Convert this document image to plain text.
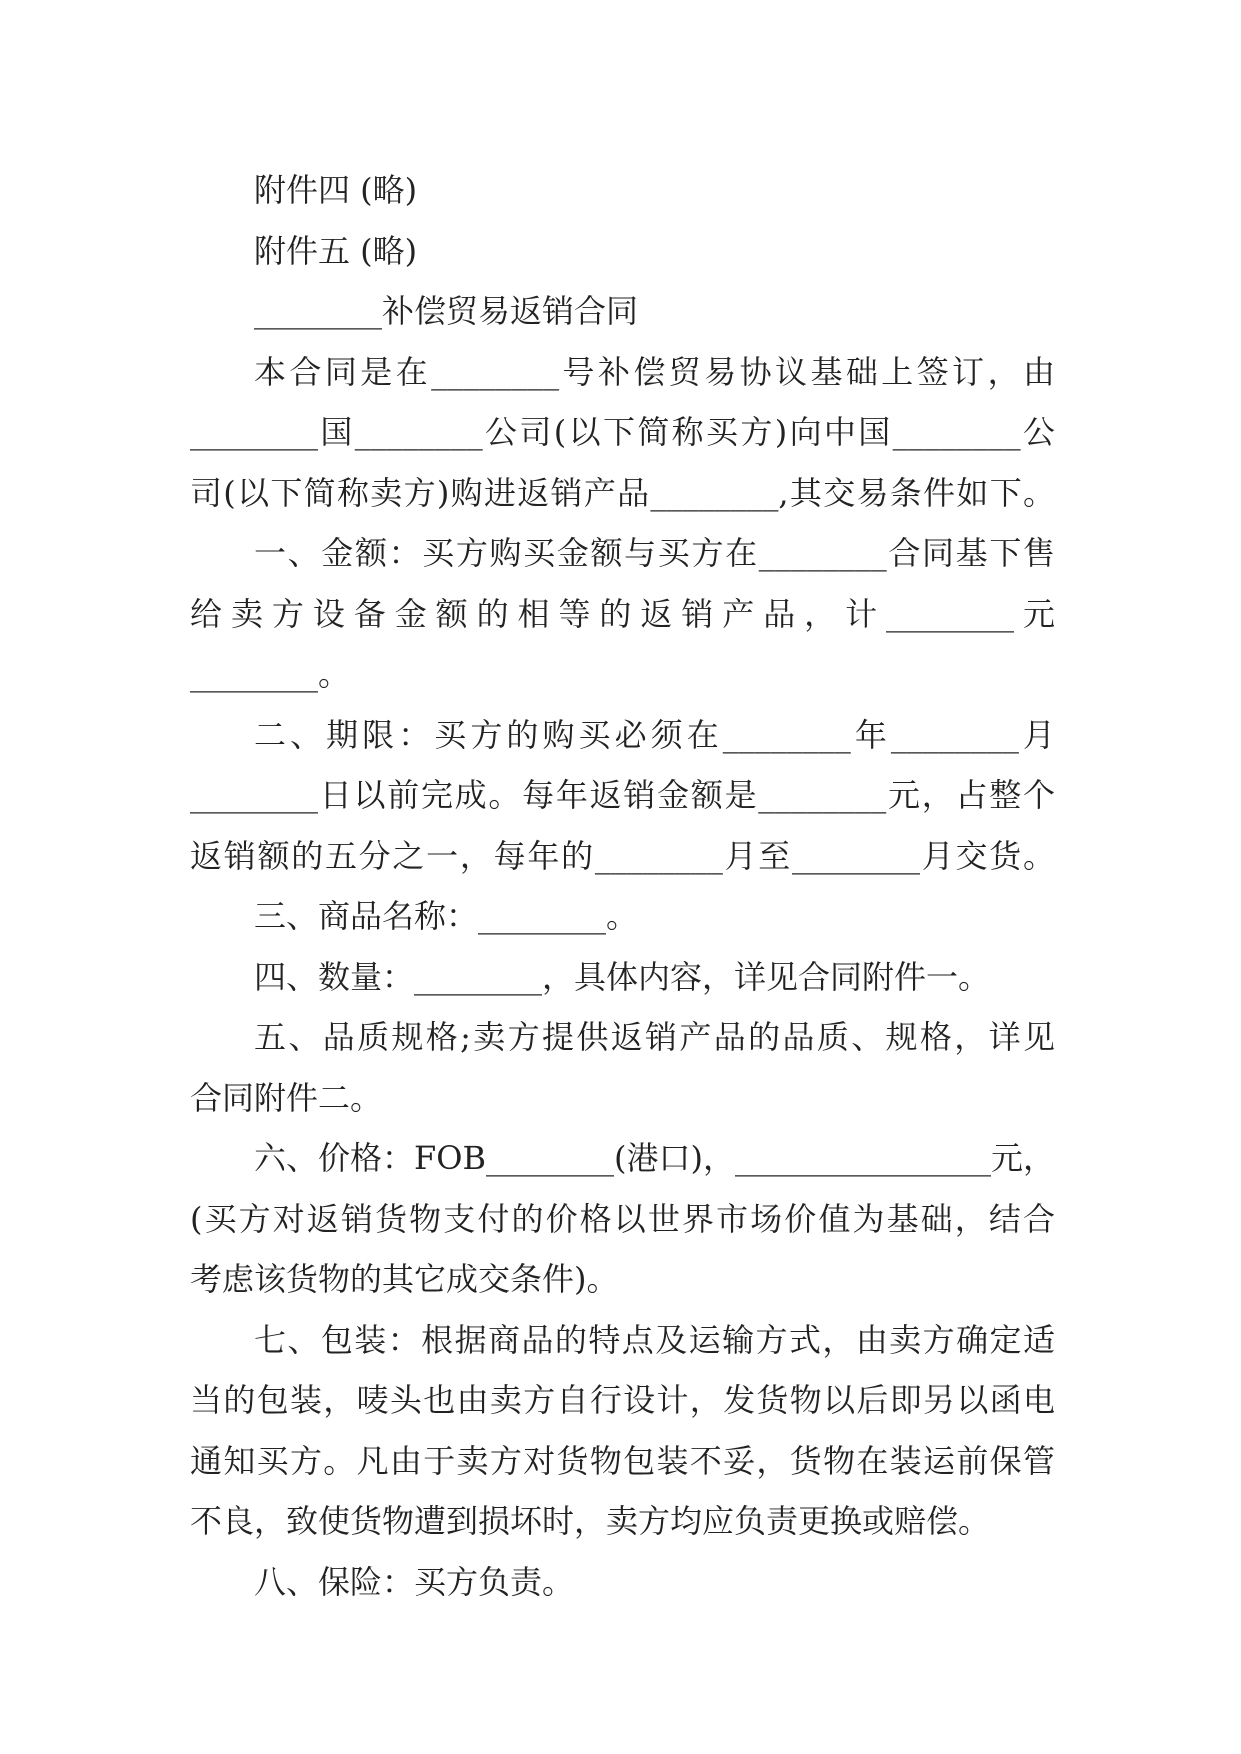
附件四 (略)
附件五 (略)
________补偿贸易返销合同
本合同是在________号补偿贸易协议基础上签订，由
________国________公司(以下简称买方)向中国________公
司(以下简称卖方)购进返销产品________,其交易条件如下。
一、金额：买方购买金额与买方在________合同基下售
给卖方设备金额的相等的返销产品，计________元
________。
二、期限：买方的购买必须在________年________月
________日以前完成。每年返销金额是________元，占整个
返销额的五分之一，每年的________月至________月交货。
三、商品名称：________。
四、数量：________，具体内容，详见合同附件一。
五、品质规格;卖方提供返销产品的品质、规格，详见
合同附件二。
六、价格：FOB________(港口)，________________元，
(买方对返销货物支付的价格以世界市场价值为基础，结合
考虑该货物的其它成交条件)。
七、包装：根据商品的特点及运输方式，由卖方确定适
当的包装，唛头也由卖方自行设计，发货物以后即另以函电
通知买方。凡由于卖方对货物包装不妥，货物在装运前保管
不良，致使货物遭到损坏时，卖方均应负责更换或赔偿。
八、保险：买方负责。
